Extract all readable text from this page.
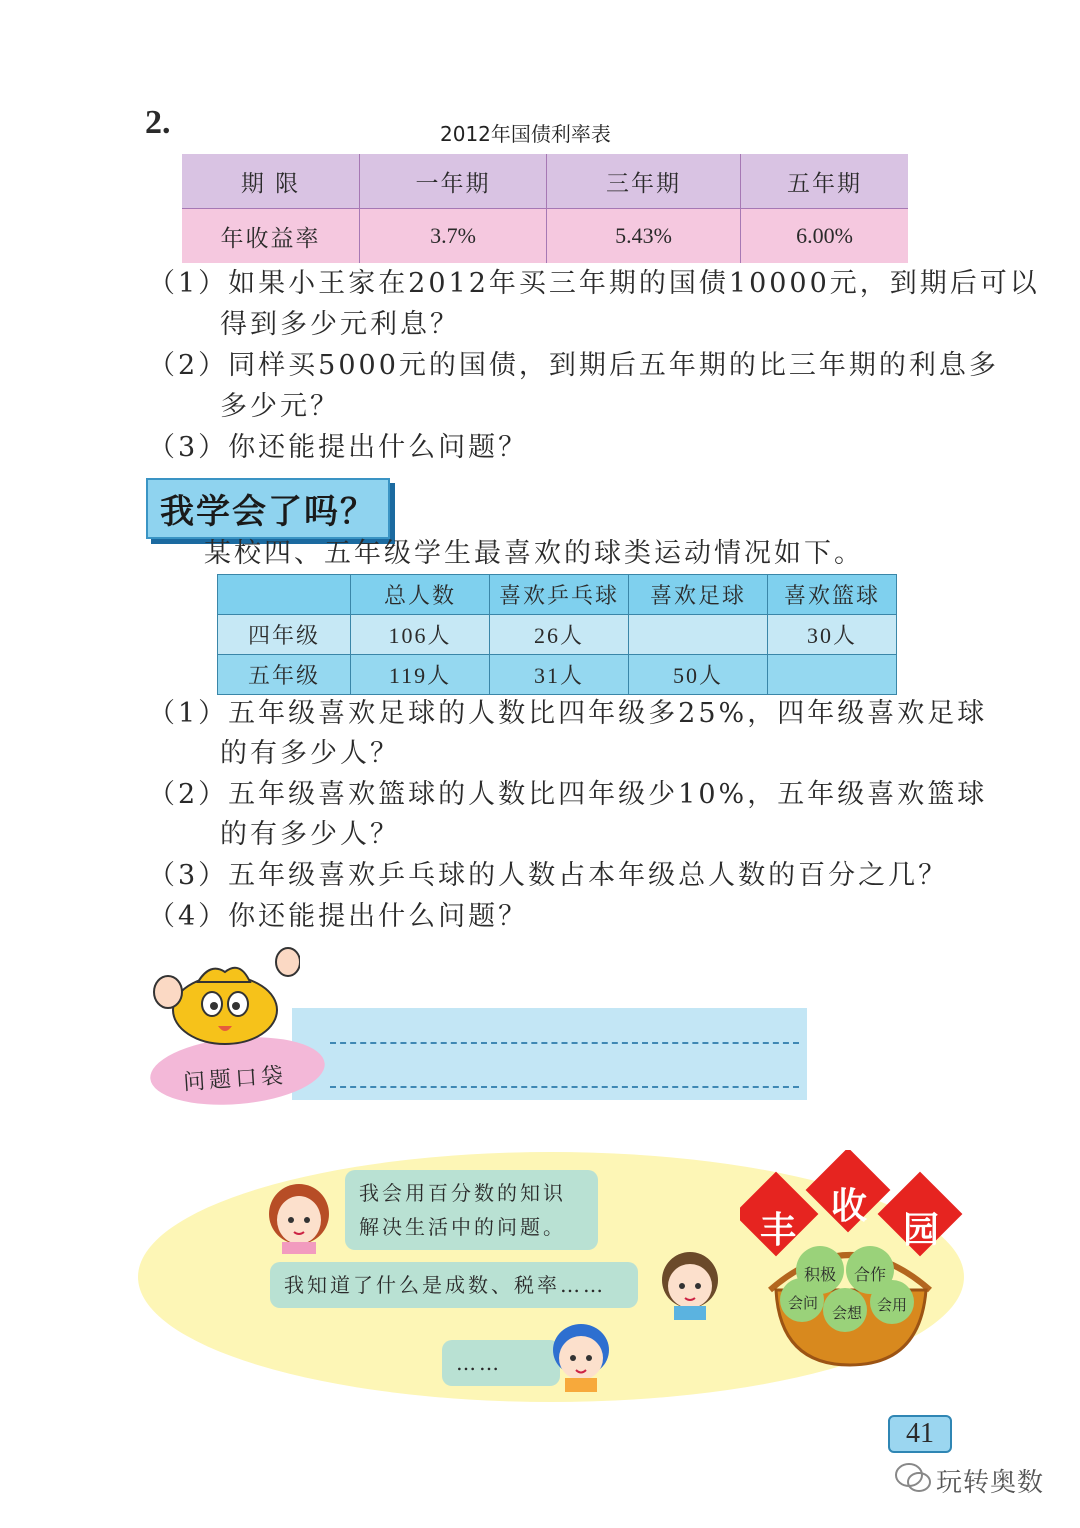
2.	2012年国债利率表
期 限	一年期	三年期	五年期
年收益率	3.7%	5.43%	6.00%
（1）如果小王家在2012年买三年期的国债10000元，到期后可以
得到多少元利息？
（2）同样买5000元的国债，到期后五年期的比三年期的利息多
多少元？
（3）你还能提出什么问题？
我学会了吗？
某校四、五年级学生最喜欢的球类运动情况如下。
	总人数	喜欢乒乓球	喜欢足球	喜欢篮球
四年级	106人	26人		30人
五年级	119人	31人	50人	
（1）五年级喜欢足球的人数比四年级多25%，四年级喜欢足球
的有多少人？
（2）五年级喜欢篮球的人数比四年级少10%，五年级喜欢篮球
的有多少人？
（3）五年级喜欢乒乓球的人数占本年级总人数的百分之几？
（4）你还能提出什么问题？
问题口袋
我会用百分数的知识
解决生活中的问题。
我知道了什么是成数、税率……
……
丰
收
园
积极 合作
会问
会想 会用
41
玩转奥数
